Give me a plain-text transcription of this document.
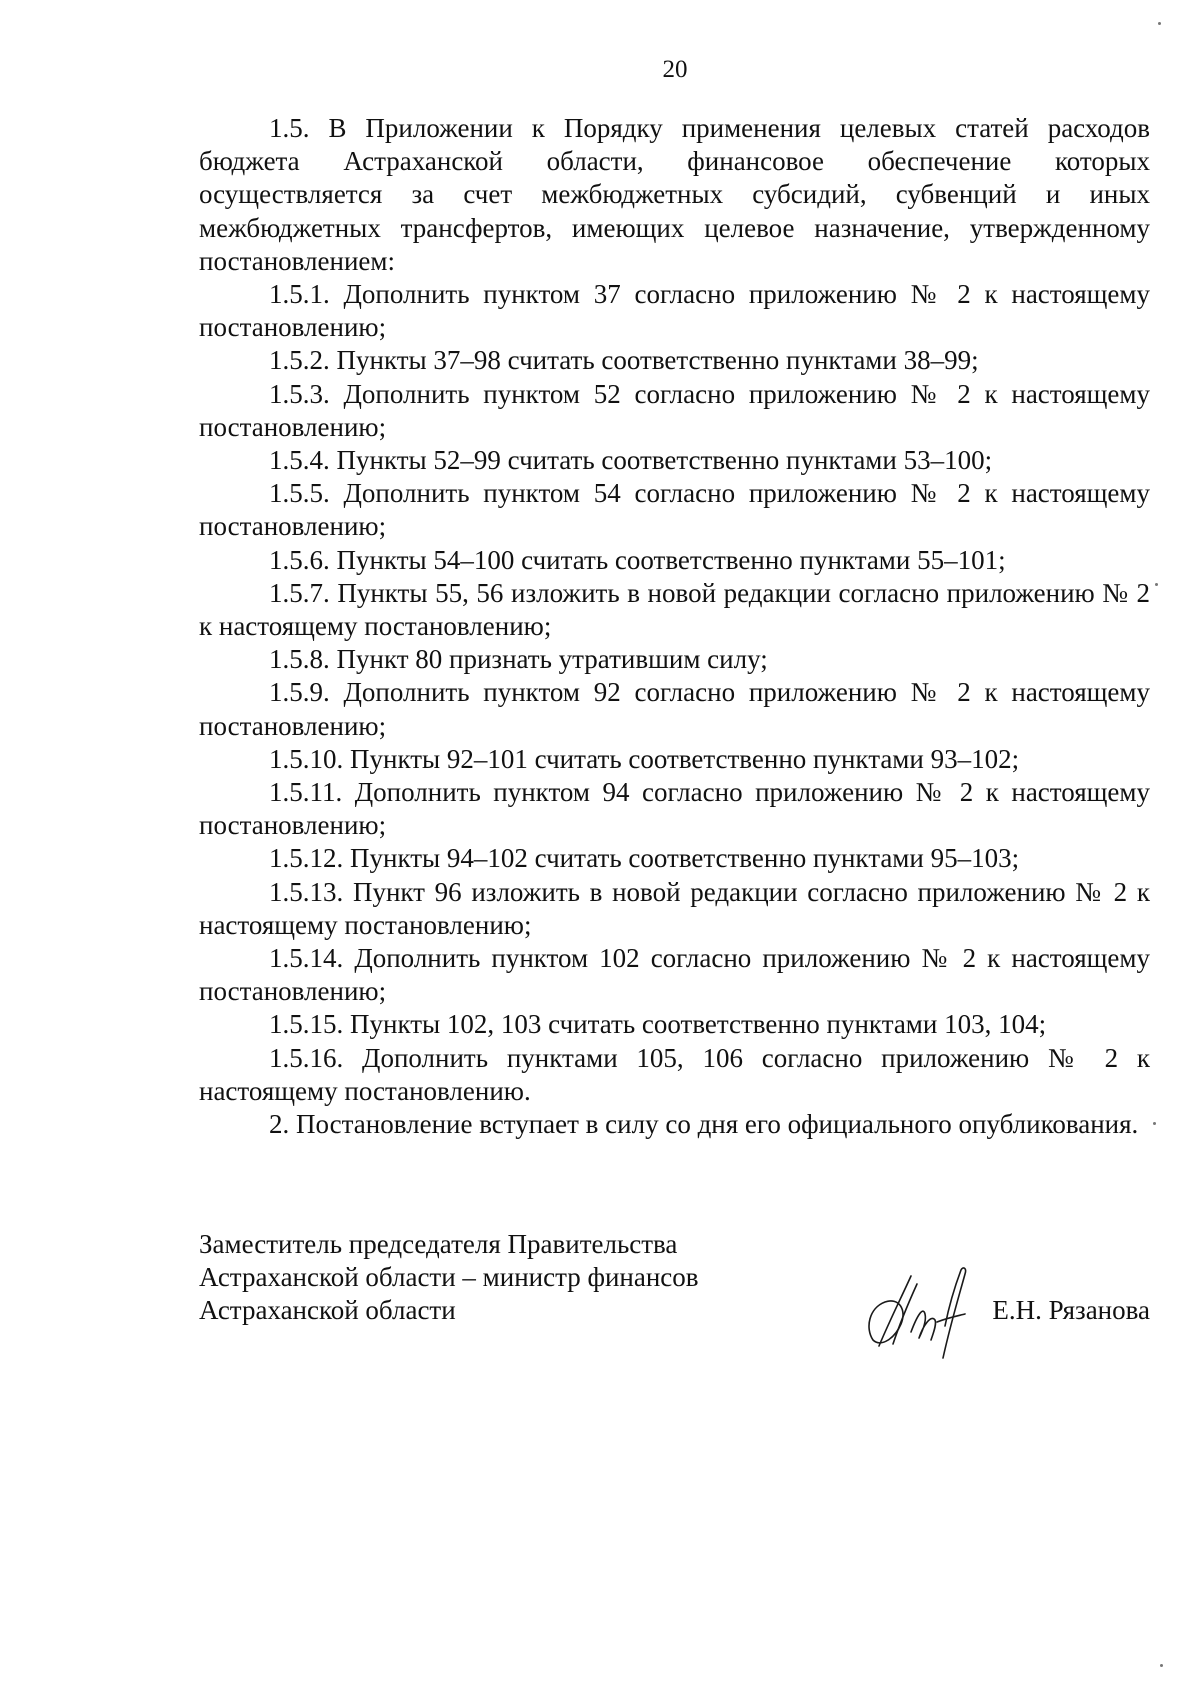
20

1.5. В Приложении к Порядку применения целевых статей расходов бюджета Астраханской области, финансовое обеспечение которых осуществляется за счет межбюджетных субсидий, субвенций и иных межбюджетных трансфертов, имеющих целевое назначение, утвержденному постановлением:

1.5.1. Дополнить пунктом 37 согласно приложению № 2 к настоящему постановлению;

1.5.2. Пункты 37–98 считать соответственно пунктами 38–99;

1.5.3. Дополнить пунктом 52 согласно приложению № 2 к настоящему постановлению;

1.5.4. Пункты 52–99 считать соответственно пунктами 53–100;

1.5.5. Дополнить пунктом 54 согласно приложению № 2 к настоящему постановлению;

1.5.6. Пункты 54–100 считать соответственно пунктами 55–101;

1.5.7. Пункты 55, 56 изложить в новой редакции согласно приложению № 2 к настоящему постановлению;

1.5.8. Пункт 80 признать утратившим силу;

1.5.9. Дополнить пунктом 92 согласно приложению № 2 к настоящему постановлению;

1.5.10. Пункты 92–101 считать соответственно пунктами 93–102;

1.5.11. Дополнить пунктом 94 согласно приложению № 2 к настоящему постановлению;

1.5.12. Пункты 94–102 считать соответственно пунктами 95–103;

1.5.13. Пункт 96 изложить в новой редакции согласно приложению № 2 к настоящему постановлению;

1.5.14. Дополнить пунктом 102 согласно приложению № 2 к настоящему постановлению;

1.5.15. Пункты 102, 103 считать соответственно пунктами 103, 104;

1.5.16. Дополнить пунктами 105, 106 согласно приложению № 2 к настоящему постановлению.

2. Постановление вступает в силу со дня его официального опубликования.

Заместитель председателя Правительства
Астраханской области – министр финансов
Астраханской области	Е.Н. Рязанова
